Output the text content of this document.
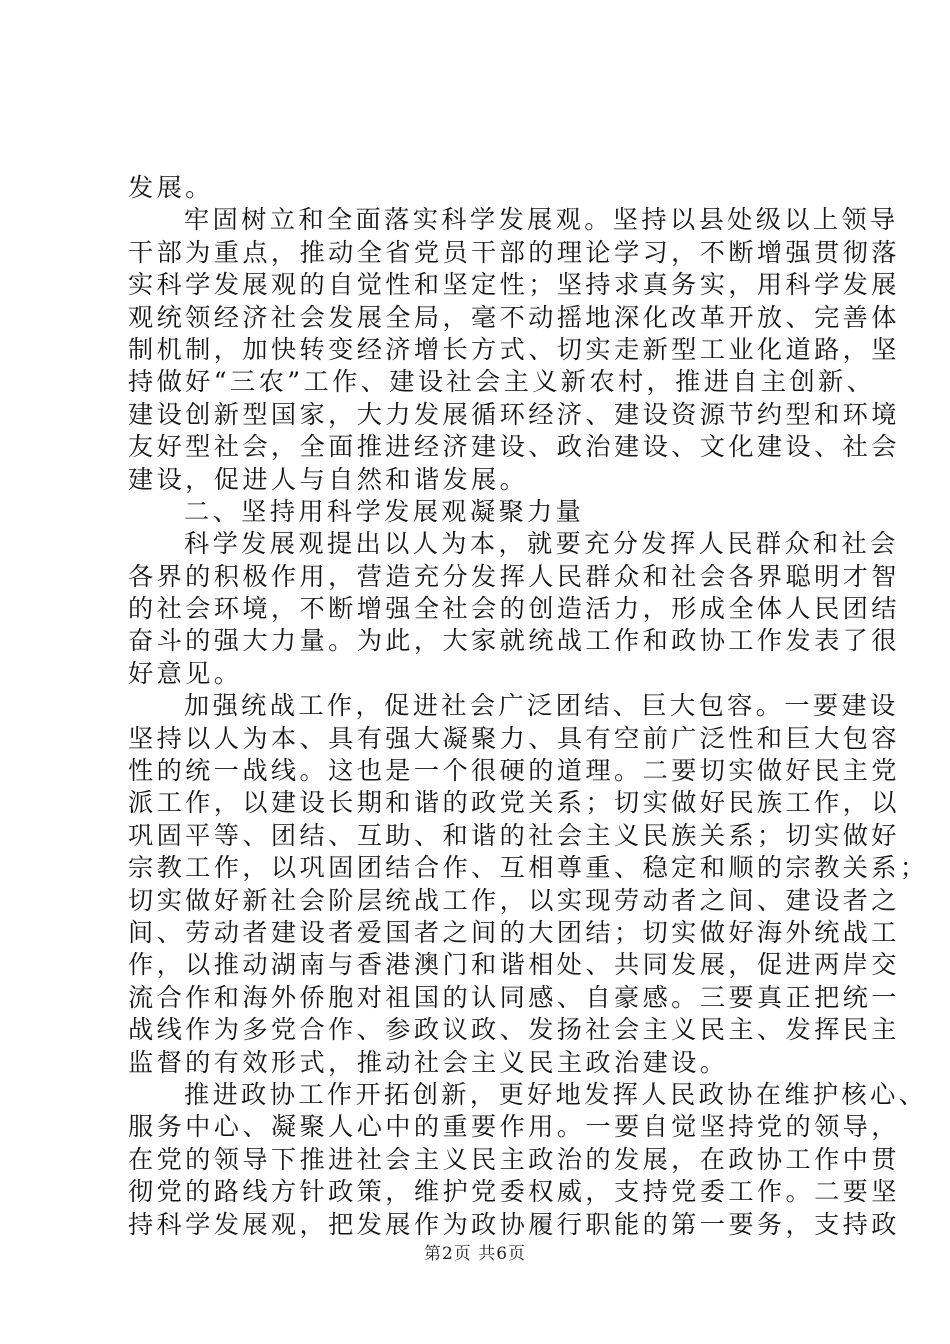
发展。
牢固树立和全面落实科学发展观。坚持以县处级以上领导
干部为重点，推动全省党员干部的理论学习，不断增强贯彻落
实科学发展观的自觉性和坚定性；坚持求真务实，用科学发展
观统领经济社会发展全局，毫不动摇地深化改革开放、完善体
制机制，加快转变经济增长方式、切实走新型工业化道路，坚
持做好“三农”工作、建设社会主义新农村，推进自主创新、
建设创新型国家，大力发展循环经济、建设资源节约型和环境
友好型社会，全面推进经济建设、政治建设、文化建设、社会
建设，促进人与自然和谐发展。
二、坚持用科学发展观凝聚力量
科学发展观提出以人为本，就要充分发挥人民群众和社会
各界的积极作用，营造充分发挥人民群众和社会各界聪明才智
的社会环境，不断增强全社会的创造活力，形成全体人民团结
奋斗的强大力量。为此，大家就统战工作和政协工作发表了很
好意见。
加强统战工作，促进社会广泛团结、巨大包容。一要建设
坚持以人为本、具有强大凝聚力、具有空前广泛性和巨大包容
性的统一战线。这也是一个很硬的道理。二要切实做好民主党
派工作，以建设长期和谐的政党关系；切实做好民族工作，以
巩固平等、团结、互助、和谐的社会主义民族关系；切实做好
宗教工作，以巩固团结合作、互相尊重、稳定和顺的宗教关系；
切实做好新社会阶层统战工作，以实现劳动者之间、建设者之
间、劳动者建设者爱国者之间的大团结；切实做好海外统战工
作，以推动湖南与香港澳门和谐相处、共同发展，促进两岸交
流合作和海外侨胞对祖国的认同感、自豪感。三要真正把统一
战线作为多党合作、参政议政、发扬社会主义民主、发挥民主
监督的有效形式，推动社会主义民主政治建设。
推进政协工作开拓创新，更好地发挥人民政协在维护核心、
服务中心、凝聚人心中的重要作用。一要自觉坚持党的领导，
在党的领导下推进社会主义民主政治的发展，在政协工作中贯
彻党的路线方针政策，维护党委权威，支持党委工作。二要坚
持科学发展观，把发展作为政协履行职能的第一要务，支持政
第2页 共6页
